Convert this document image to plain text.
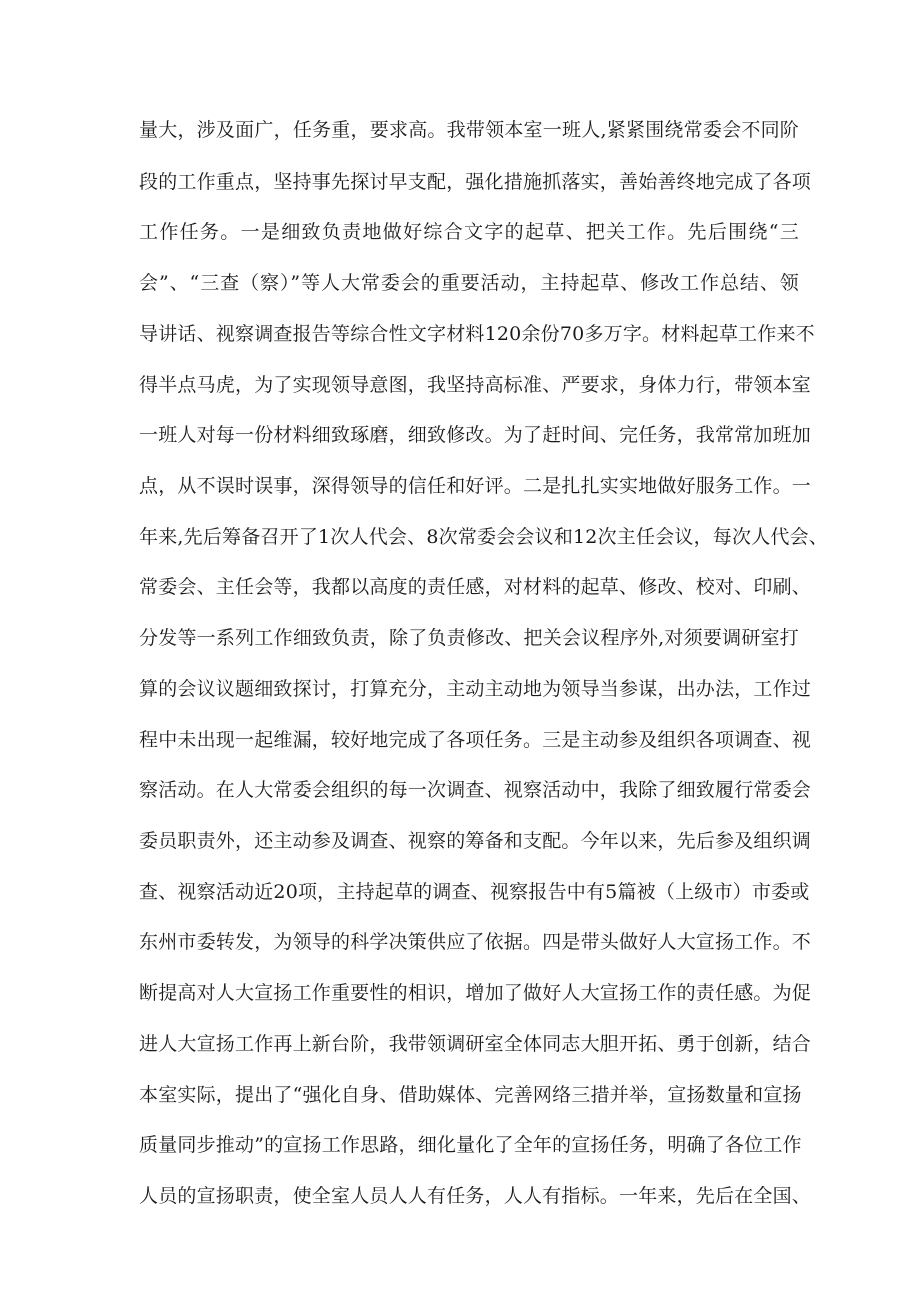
量大，涉及面广，任务重，要求高。我带领本室一班人,紧紧围绕常委会不同阶
段的工作重点，坚持事先探讨早支配，强化措施抓落实，善始善终地完成了各项
工作任务。一是细致负责地做好综合文字的起草、把关工作。先后围绕“三
会”、“三查（察）”等人大常委会的重要活动，主持起草、修改工作总结、领
导讲话、视察调查报告等综合性文字材料120余份70多万字。材料起草工作来不
得半点马虎，为了实现领导意图，我坚持高标准、严要求，身体力行，带领本室
一班人对每一份材料细致琢磨，细致修改。为了赶时间、完任务，我常常加班加
点，从不误时误事，深得领导的信任和好评。二是扎扎实实地做好服务工作。一
年来,先后筹备召开了1次人代会、8次常委会会议和12次主任会议，每次人代会、
常委会、主任会等，我都以高度的责任感，对材料的起草、修改、校对、印刷、
分发等一系列工作细致负责，除了负责修改、把关会议程序外,对须要调研室打
算的会议议题细致探讨，打算充分，主动主动地为领导当参谋，出办法，工作过
程中未出现一起维漏，较好地完成了各项任务。三是主动参及组织各项调查、视
察活动。在人大常委会组织的每一次调查、视察活动中，我除了细致履行常委会
委员职责外，还主动参及调查、视察的筹备和支配。今年以来，先后参及组织调
查、视察活动近20项，主持起草的调查、视察报告中有5篇被（上级市）市委或
东州市委转发，为领导的科学决策供应了依据。四是带头做好人大宣扬工作。不
断提高对人大宣扬工作重要性的相识，增加了做好人大宣扬工作的责任感。为促
进人大宣扬工作再上新台阶，我带领调研室全体同志大胆开拓、勇于创新，结合
本室实际，提出了“强化自身、借助媒体、完善网络三措并举，宣扬数量和宣扬
质量同步推动”的宣扬工作思路，细化量化了全年的宣扬任务，明确了各位工作
人员的宣扬职责，使全室人员人人有任务，人人有指标。一年来，先后在全国、
